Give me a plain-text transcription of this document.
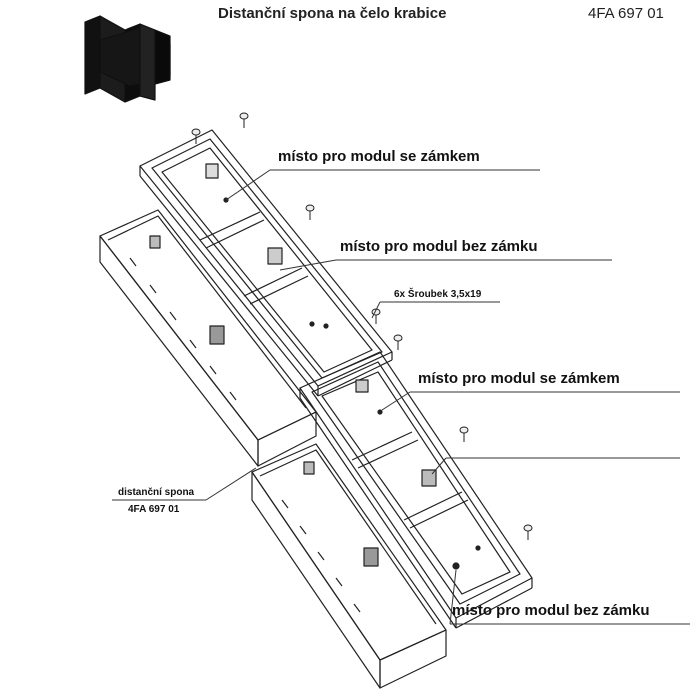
Distanční spona na čelo krabice	4FA 697 01
místo pro modul se zámkem
místo pro modul bez zámku
6x Šroubek 3,5x19
místo pro modul se zámkem
místo pro modul bez zámku
distanční spona
4FA 697 01
